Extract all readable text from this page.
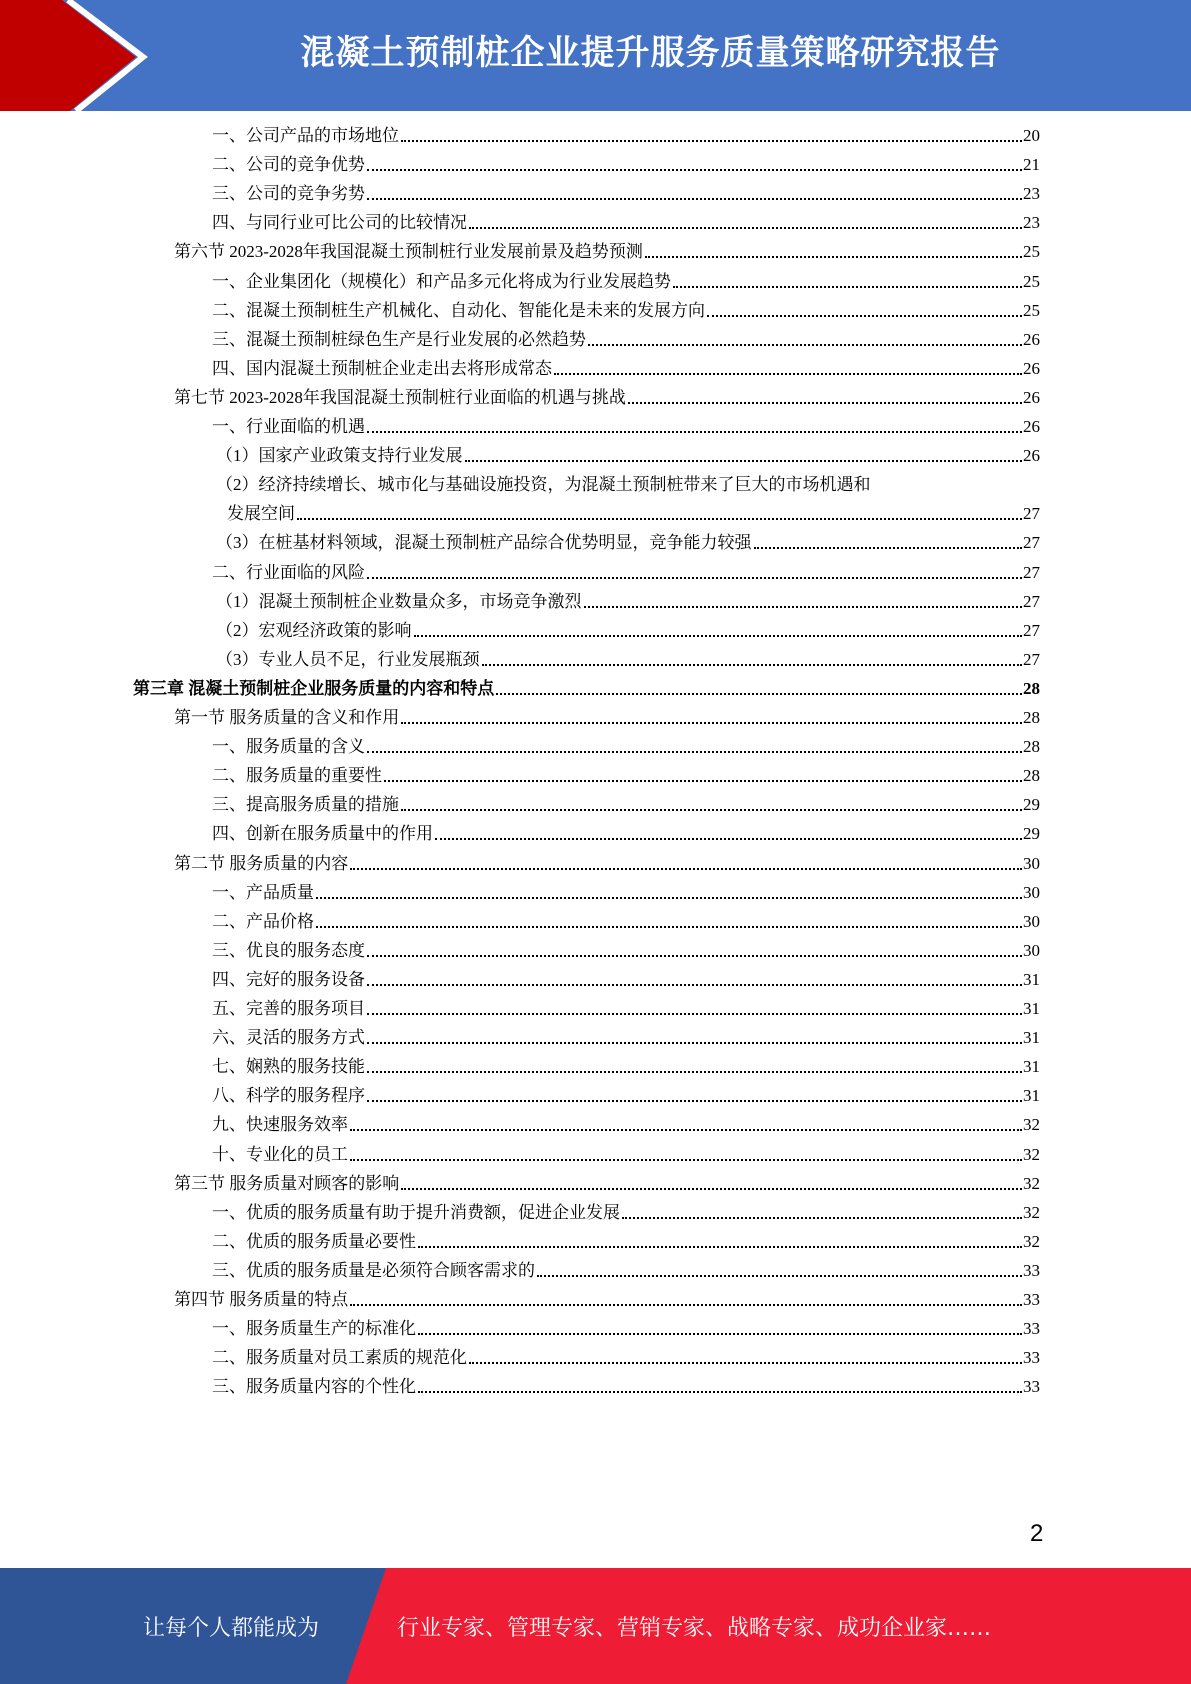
混凝土预制桩企业提升服务质量策略研究报告
一、公司产品的市场地位	20
二、公司的竞争优势	21
三、公司的竞争劣势	23
四、与同行业可比公司的比较情况	23
第六节 2023-2028年我国混凝土预制桩行业发展前景及趋势预测	25
一、企业集团化（规模化）和产品多元化将成为行业发展趋势	25
二、混凝土预制桩生产机械化、自动化、智能化是未来的发展方向	25
三、混凝土预制桩绿色生产是行业发展的必然趋势	26
四、国内混凝土预制桩企业走出去将形成常态	26
第七节 2023-2028年我国混凝土预制桩行业面临的机遇与挑战	26
一、行业面临的机遇	26
（1）国家产业政策支持行业发展	26
（2）经济持续增长、城市化与基础设施投资，为混凝土预制桩带来了巨大的市场机遇和
发展空间	27
（3）在桩基材料领域，混凝土预制桩产品综合优势明显，竞争能力较强	27
二、行业面临的风险	27
（1）混凝土预制桩企业数量众多，市场竞争激烈	27
（2）宏观经济政策的影响	27
（3）专业人员不足，行业发展瓶颈	27
第三章 混凝土预制桩企业服务质量的内容和特点	28
第一节 服务质量的含义和作用	28
一、服务质量的含义	28
二、服务质量的重要性	28
三、提高服务质量的措施	29
四、创新在服务质量中的作用	29
第二节 服务质量的内容	30
一、产品质量	30
二、产品价格	30
三、优良的服务态度	30
四、完好的服务设备	31
五、完善的服务项目	31
六、灵活的服务方式	31
七、娴熟的服务技能	31
八、科学的服务程序	31
九、快速服务效率	32
十、专业化的员工	32
第三节 服务质量对顾客的影响	32
一、优质的服务质量有助于提升消费额，促进企业发展	32
二、优质的服务质量必要性	32
三、优质的服务质量是必须符合顾客需求的	33
第四节 服务质量的特点	33
一、服务质量生产的标准化	33
二、服务质量对员工素质的规范化	33
三、服务质量内容的个性化	33
2
让每个人都能成为	行业专家、管理专家、营销专家、战略专家、成功企业家……
